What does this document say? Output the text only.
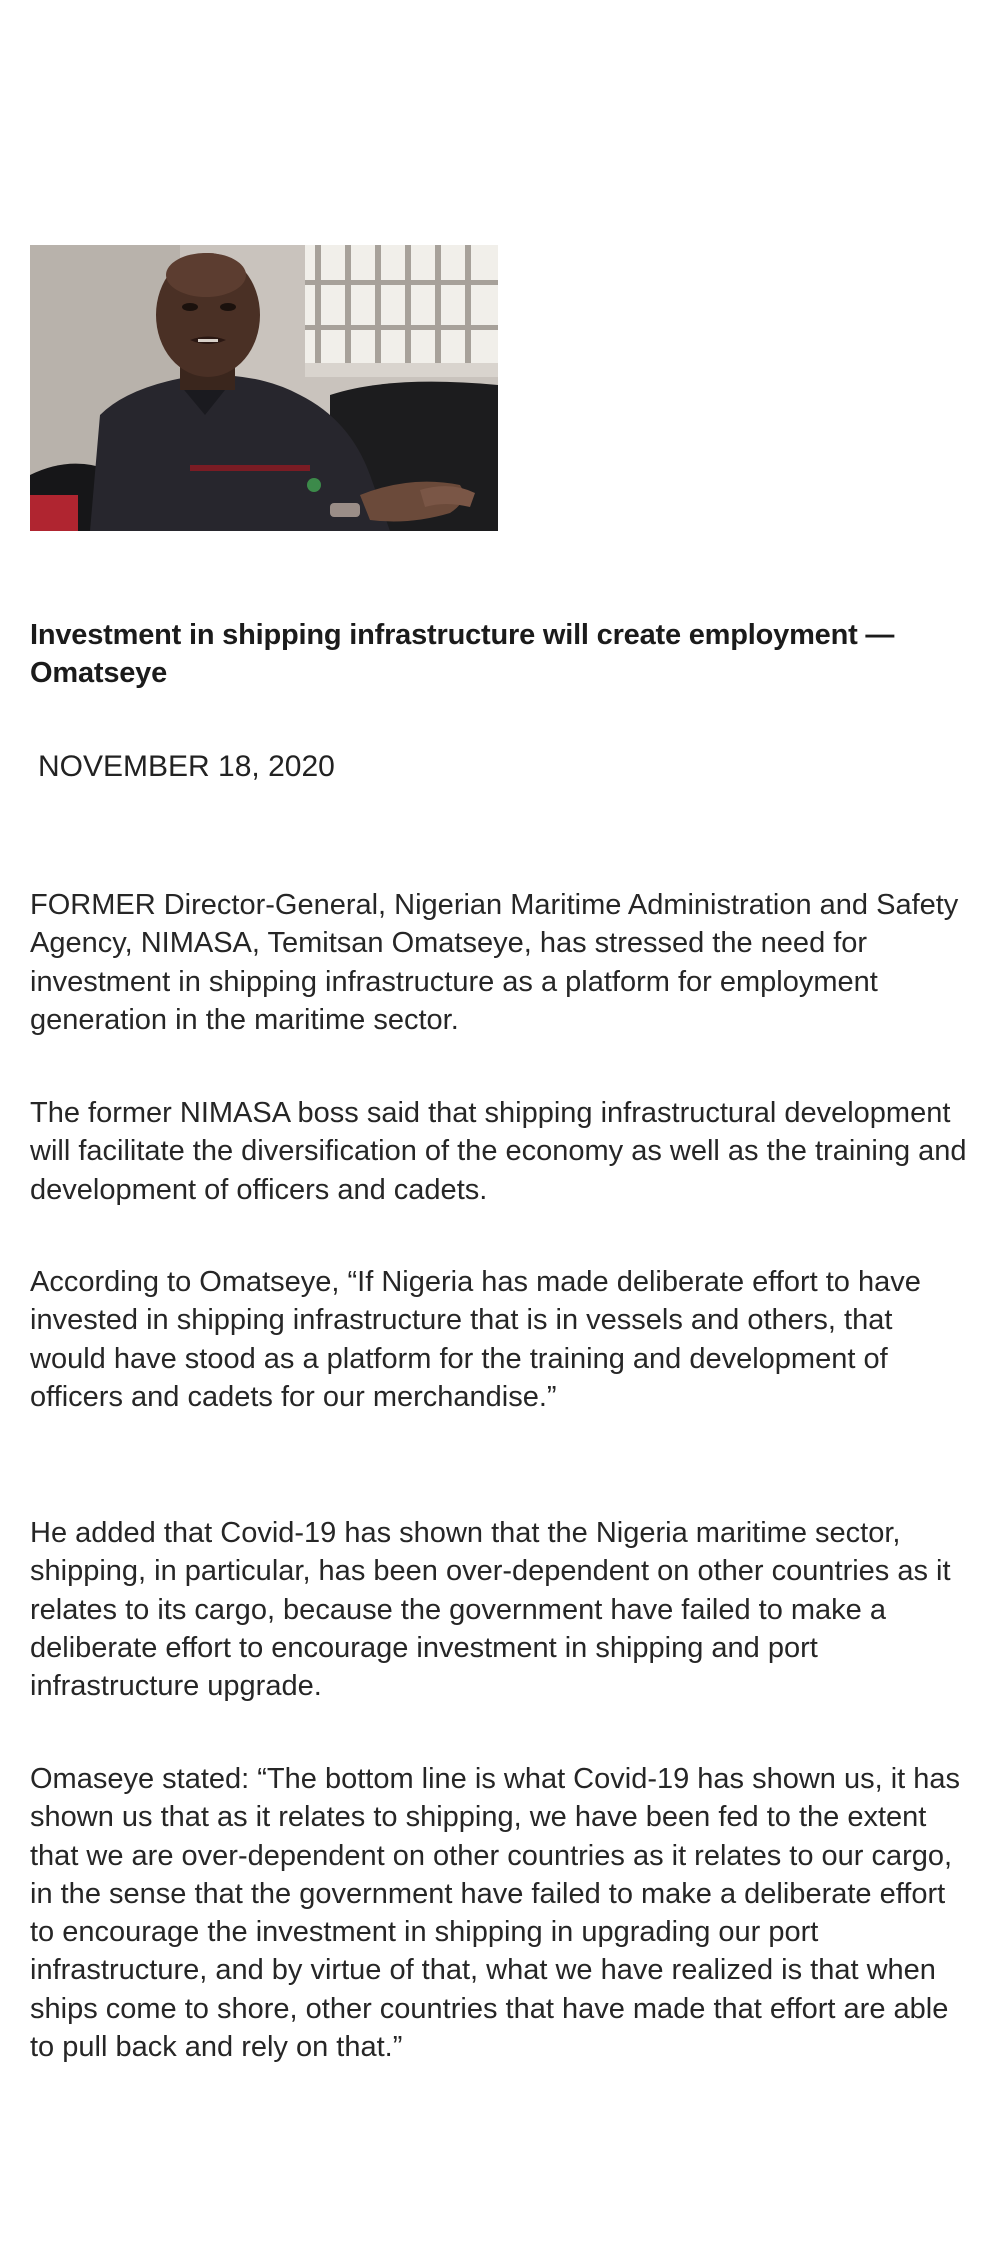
Investment in shipping infrastructure will create employment — Omatseye
NOVEMBER 18, 2020

FORMER Director-General, Nigerian Maritime Administration and Safety Agency, NIMASA, Temitsan Omatseye, has stressed the need for investment in shipping infrastructure as a platform for employment generation in the maritime sector.

The former NIMASA boss said that shipping infrastructural development will facilitate the diversification of the economy as well as the training and development of officers and cadets.

According to Omatseye, “If Nigeria has made deliberate effort to have invested in shipping infrastructure that is in vessels and others, that would have stood as a platform for the training and development of officers and cadets for our merchandise.”

He added that Covid-19 has shown that the Nigeria maritime sector, shipping, in particular, has been over-dependent on other countries as it relates to its cargo, because the government have failed to make a deliberate effort to encourage investment in shipping and port infrastructure upgrade.

Omaseye stated: “The bottom line is what Covid-19 has shown us, it has shown us that as it relates to shipping, we have been fed to the extent that we are over-dependent on other countries as it relates to our cargo, in the sense that the government have failed to make a deliberate effort to encourage the investment in shipping in upgrading our port infrastructure, and by virtue of that, what we have realized is that when ships come to shore, other countries that have made that effort are able to pull back and rely on that.”
